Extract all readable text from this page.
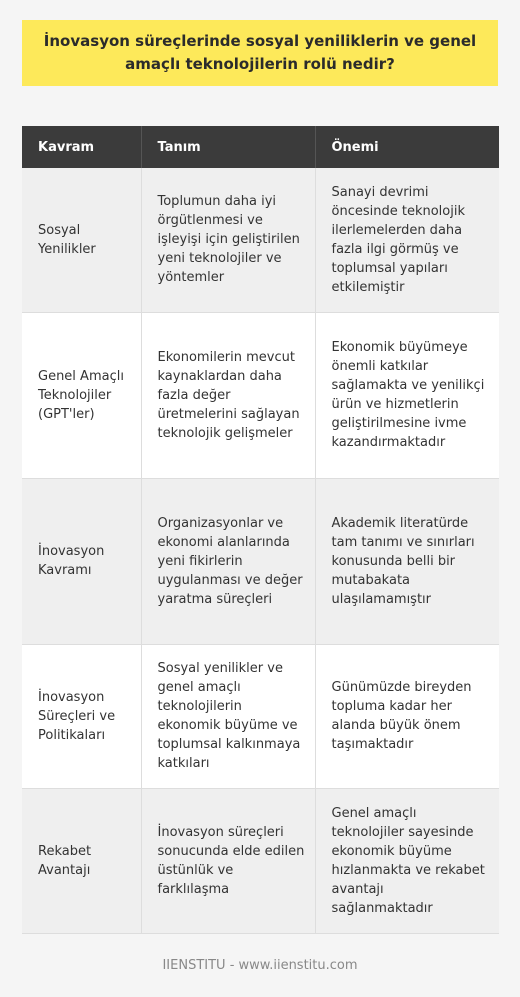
İnovasyon süreçlerinde sosyal yeniliklerin ve genel amaçlı teknolojilerin rolü nedir?
Kavram	Tanım	Önemi
Sosyal Yenilikler	Toplumun daha iyi örgütlenmesi ve işleyişi için geliştirilen yeni teknolojiler ve yöntemler	Sanayi devrimi öncesinde teknolojik ilerlemelerden daha fazla ilgi görmüş ve toplumsal yapıları etkilemiştir
Genel Amaçlı Teknolojiler (GPT'ler)	Ekonomilerin mevcut kaynaklardan daha fazla değer üretmelerini sağlayan teknolojik gelişmeler	Ekonomik büyümeye önemli katkılar sağlamakta ve yenilikçi ürün ve hizmetlerin geliştirilmesine ivme kazandırmaktadır
İnovasyon Kavramı	Organizasyonlar ve ekonomi alanlarında yeni fikirlerin uygulanması ve değer yaratma süreçleri	Akademik literatürde tam tanımı ve sınırları konusunda belli bir mutabakata ulaşılamamıştır
İnovasyon Süreçleri ve Politikaları	Sosyal yenilikler ve genel amaçlı teknolojilerin ekonomik büyüme ve toplumsal kalkınmaya katkıları	Günümüzde bireyden topluma kadar her alanda büyük önem taşımaktadır
Rekabet Avantajı	İnovasyon süreçleri sonucunda elde edilen üstünlük ve farklılaşma	Genel amaçlı teknolojiler sayesinde ekonomik büyüme hızlanmakta ve rekabet avantajı sağlanmaktadır
IIENSTITU - www.iienstitu.com
